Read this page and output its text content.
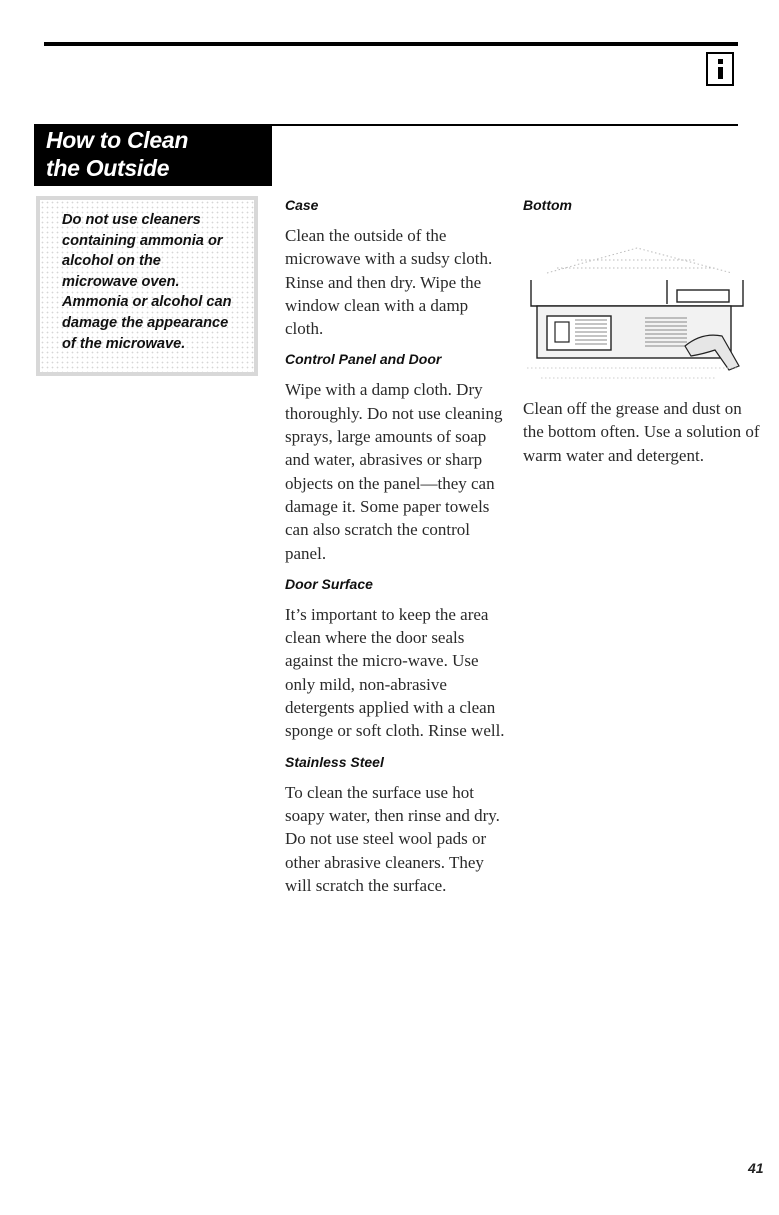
How to Clean
the Outside

Do not use cleaners

containing ammonia or

alcohol on the

microwave oven.

Ammonia or alcohol can

damage the appearance

of the microwave.

Case
Clean the outside of the microwave with a sudsy cloth. Rinse and then dry. Wipe the window clean with a damp cloth.
Control Panel and Door
Wipe with a damp cloth. Dry thoroughly. Do not use cleaning sprays, large amounts of soap and water, abrasives or sharp objects on the panel—they can damage it. Some paper towels can also scratch the control panel.
Door Surface
It’s important to keep the area clean where the door seals against the micro-wave. Use only mild, non-abrasive detergents applied with a clean sponge or soft cloth. Rinse well.
Stainless Steel
To clean the surface use hot soapy water, then rinse and dry. Do not use steel wool pads or other abrasive cleaners. They will scratch the surface.
Bottom
Clean off the grease and dust on the bottom often. Use a solution of warm water and detergent.
41
